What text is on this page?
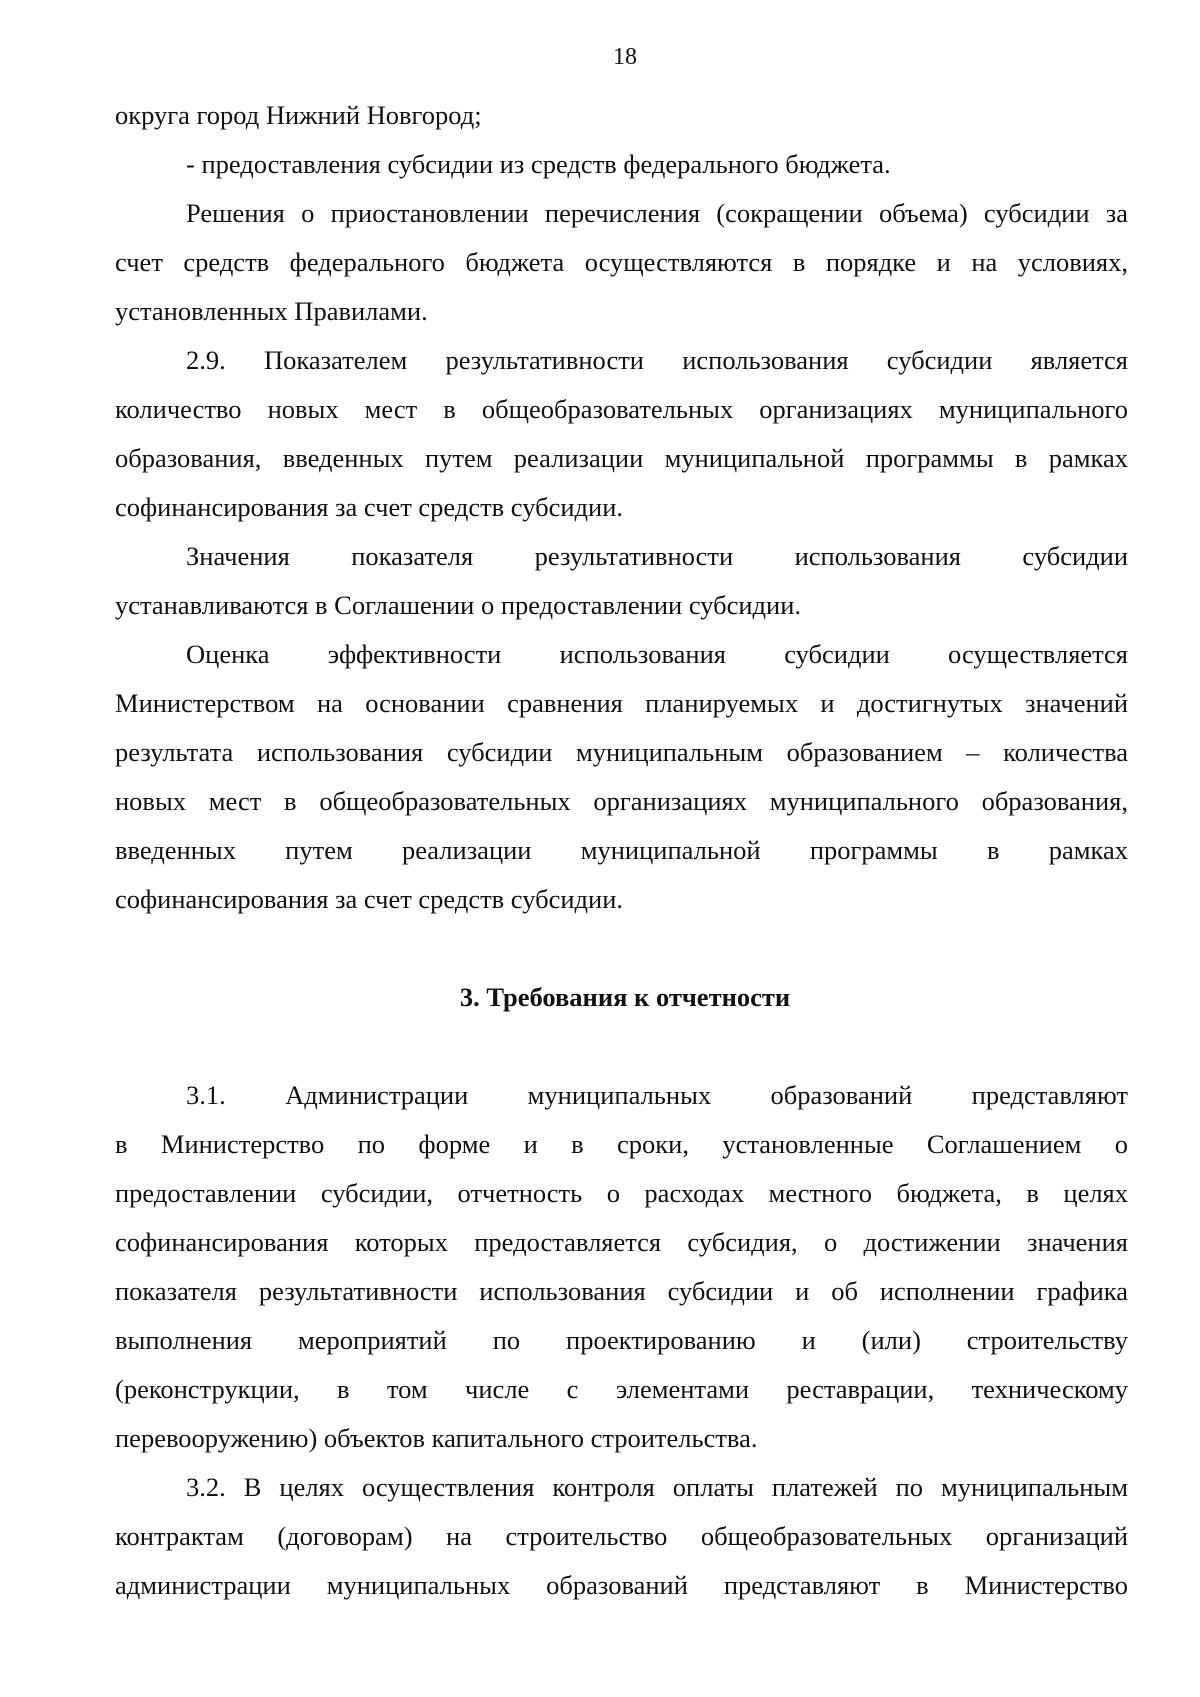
18
округа город Нижний Новгород;
- предоставления субсидии из средств федерального бюджета.
Решения о приостановлении перечисления (сокращении объема) субсидии за
счет средств федерального бюджета осуществляются в порядке и на условиях,
установленных Правилами.
2.9. Показателем результативности использования субсидии является
количество новых мест в общеобразовательных организациях муниципального
образования, введенных путем реализации муниципальной программы в рамках
софинансирования за счет средств субсидии.
Значения показателя результативности использования субсидии
устанавливаются в Соглашении о предоставлении субсидии.
Оценка эффективности использования субсидии осуществляется
Министерством на основании сравнения планируемых и достигнутых значений
результата использования субсидии муниципальным образованием – количества
новых мест в общеобразовательных организациях муниципального образования,
введенных путем реализации муниципальной программы в рамках
софинансирования за счет средств субсидии.
3. Требования к отчетности
3.1. Администрации муниципальных образований представляют
в Министерство по форме и в сроки, установленные Соглашением о
предоставлении субсидии, отчетность о расходах местного бюджета, в целях
софинансирования которых предоставляется субсидия, о достижении значения
показателя результативности использования субсидии и об исполнении графика
выполнения мероприятий по проектированию и (или) строительству
(реконструкции, в том числе с элементами реставрации, техническому
перевооружению) объектов капитального строительства.
3.2. В целях осуществления контроля оплаты платежей по муниципальным
контрактам (договорам) на строительство общеобразовательных организаций
администрации муниципальных образований представляют в Министерство
